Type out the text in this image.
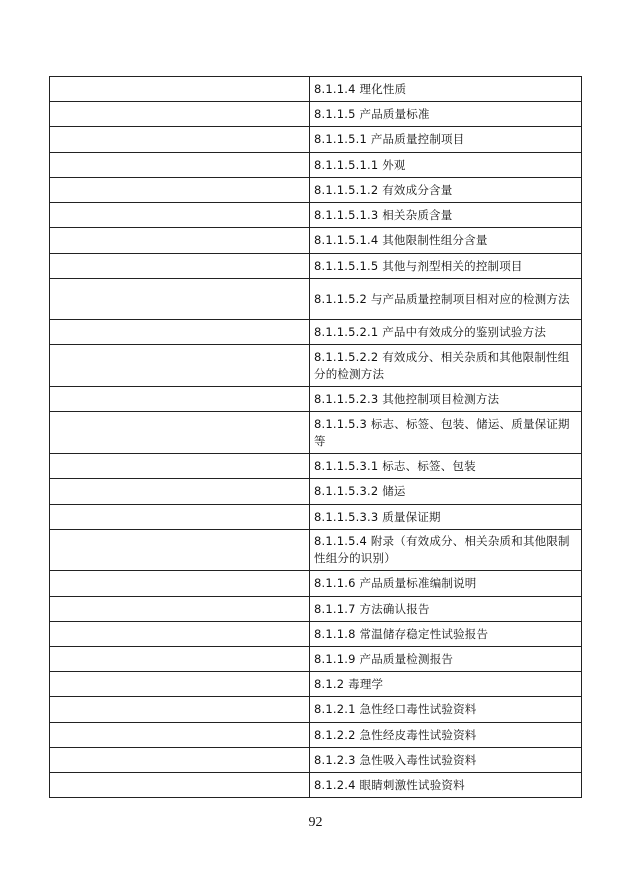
	8.1.1.4 理化性质

	8.1.1.5 产品质量标准

	8.1.1.5.1 产品质量控制项目

	8.1.1.5.1.1 外观

	8.1.1.5.1.2 有效成分含量

	8.1.1.5.1.3 相关杂质含量

	8.1.1.5.1.4 其他限制性组分含量

	8.1.1.5.1.5 其他与剂型相关的控制项目

	8.1.1.5.2 与产品质量控制项目相对应的检测方法

	8.1.1.5.2.1 产品中有效成分的鉴别试验方法

	8.1.1.5.2.2 有效成分、相关杂质和其他限制性组分的检测方法

	8.1.1.5.2.3 其他控制项目检测方法

	8.1.1.5.3 标志、标签、包装、储运、质量保证期等

	8.1.1.5.3.1 标志、标签、包装

	8.1.1.5.3.2 储运

	8.1.1.5.3.3 质量保证期

	8.1.1.5.4 附录（有效成分、相关杂质和其他限制性组分的识别）

	8.1.1.6 产品质量标准编制说明

	8.1.1.7 方法确认报告

	8.1.1.8 常温储存稳定性试验报告

	8.1.1.9 产品质量检测报告

	8.1.2 毒理学

	8.1.2.1 急性经口毒性试验资料

	8.1.2.2 急性经皮毒性试验资料

	8.1.2.3 急性吸入毒性试验资料

	8.1.2.4 眼睛刺激性试验资料
92
